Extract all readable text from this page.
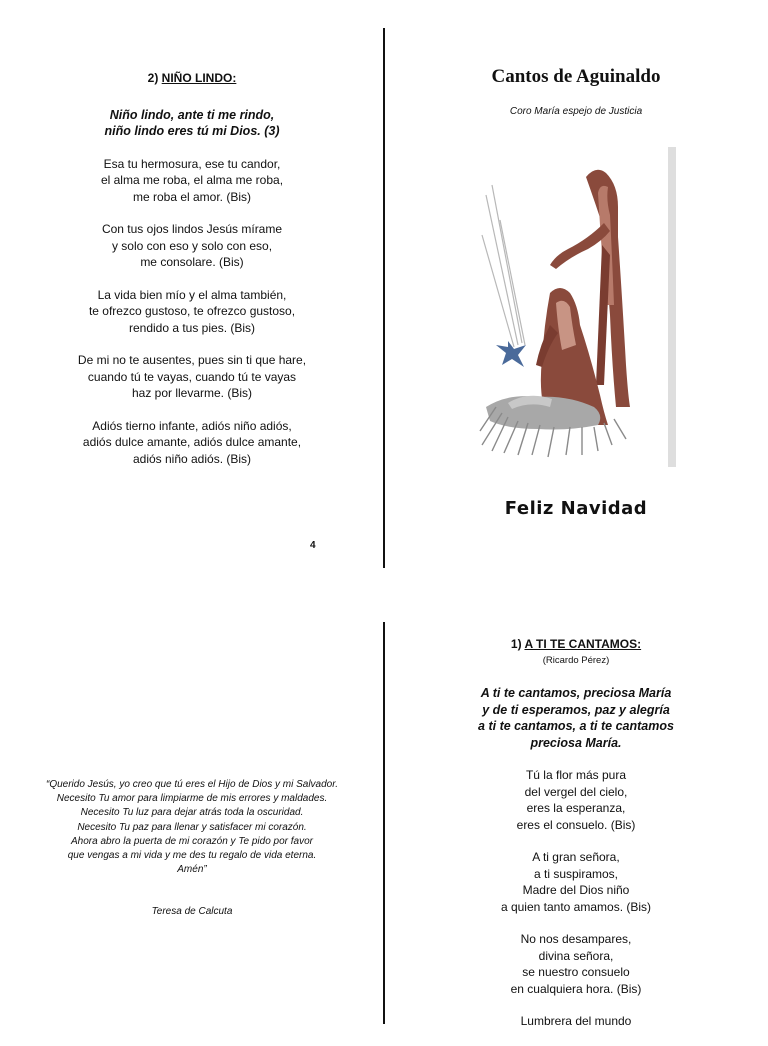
2) NIÑO LINDO:
Niño lindo, ante ti me rindo,
niño lindo eres tú mi Dios. (3)
Esa tu hermosura, ese tu candor,
el alma me roba, el alma me roba,
me roba el amor. (Bis)
Con tus ojos lindos Jesús mírame
y solo con eso y solo con eso,
me consolare. (Bis)
La vida bien mío y el alma también,
te ofrezco gustoso, te ofrezco gustoso,
rendido a tus pies. (Bis)
De mi no te ausentes, pues sin ti que hare,
cuando tú te vayas, cuando tú te vayas
haz por llevarme. (Bis)
Adiós tierno infante, adiós niño adiós,
adiós dulce amante, adiós dulce amante,
adiós niño adiós. (Bis)
4
Cantos de Aguinaldo
Coro María espejo de Justicia
Feliz Navidad
“Querido Jesús, yo creo que tú eres el Hijo de Dios y mi Salvador.
Necesito Tu amor para limpiarme de mis errores y maldades.
Necesito Tu luz para dejar atrás toda la oscuridad.
Necesito Tu paz para llenar y satisfacer mi corazón.
Ahora abro la puerta de mi corazón y Te pido por favor
que vengas a mi vida y me des tu regalo de vida eterna.
Amén”
Teresa de Calcuta
1) A TI TE CANTAMOS:
(Ricardo Pérez)
A ti te cantamos, preciosa María
y de ti esperamos, paz y alegría
a ti te cantamos, a ti te cantamos
preciosa María.
Tú la flor más pura
del vergel del cielo,
eres la esperanza,
eres el consuelo. (Bis)
A ti gran señora,
a ti suspiramos,
Madre del Dios niño
a quien tanto amamos. (Bis)
No nos desampares,
divina señora,
se nuestro consuelo
en cualquiera hora. (Bis)
Lumbrera del mundo
